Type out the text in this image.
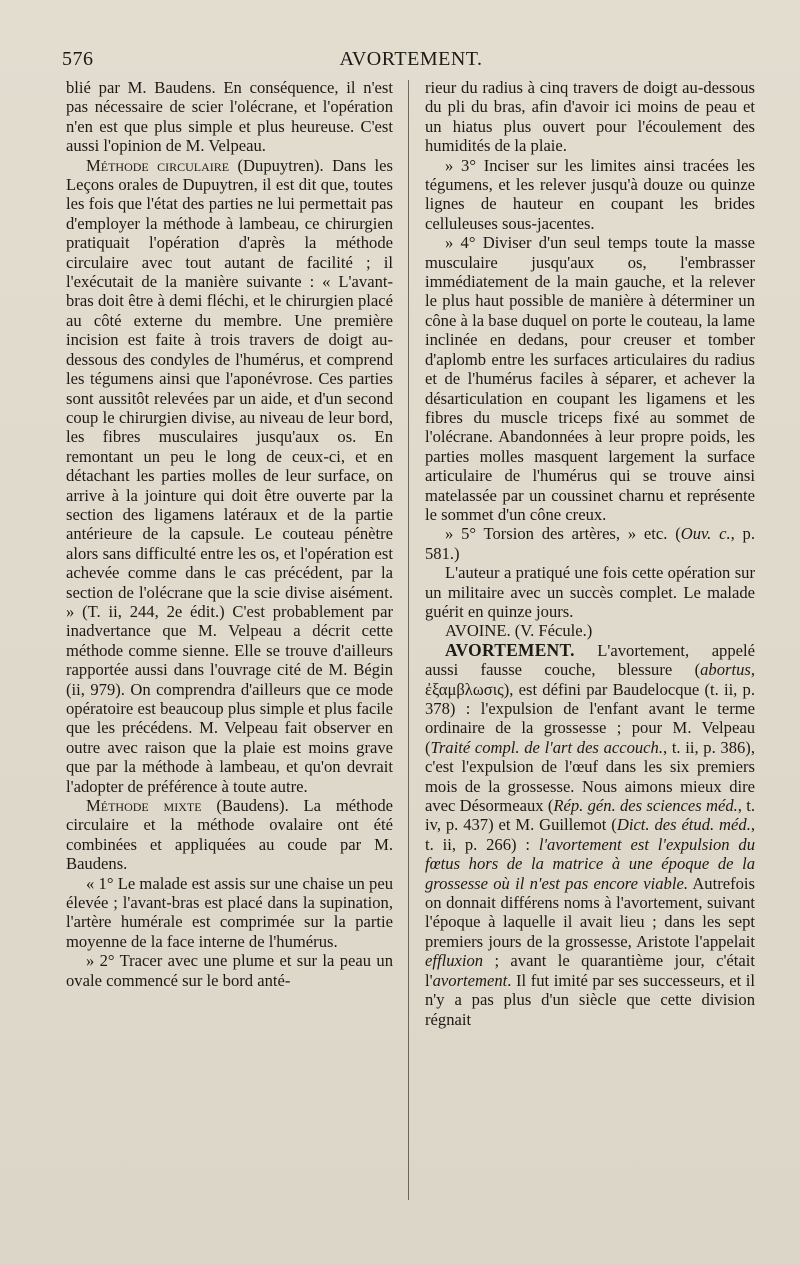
576	AVORTEMENT.

blié par M. Baudens. En conséquence, il n'est pas nécessaire de scier l'olécrane, et l'opération n'en est que plus simple et plus heureuse. C'est aussi l'opinion de M. Velpeau.

Méthode circulaire (Dupuytren). Dans les Leçons orales de Dupuytren, il est dit que, toutes les fois que l'état des parties ne lui permettait pas d'employer la méthode à lambeau, ce chirurgien pratiquait l'opération d'après la méthode circulaire avec tout autant de facilité ; il l'exécutait de la manière suivante : « L'avant-bras doit être à demi fléchi, et le chirurgien placé au côté externe du membre. Une première incision est faite à trois travers de doigt au-dessous des condyles de l'humérus, et comprend les tégumens ainsi que l'aponévrose. Ces parties sont aussitôt relevées par un aide, et d'un second coup le chirurgien divise, au niveau de leur bord, les fibres musculaires jusqu'aux os. En remontant un peu le long de ceux-ci, et en détachant les parties molles de leur surface, on arrive à la jointure qui doit être ouverte par la section des ligamens latéraux et de la partie antérieure de la capsule. Le couteau pénètre alors sans difficulté entre les os, et l'opération est achevée comme dans le cas précédent, par la section de l'olécrane que la scie divise aisément. » (T. ii, 244, 2e édit.) C'est probablement par inadvertance que M. Velpeau a décrit cette méthode comme sienne. Elle se trouve d'ailleurs rapportée aussi dans l'ouvrage cité de M. Bégin (ii, 979). On comprendra d'ailleurs que ce mode opératoire est beaucoup plus simple et plus facile que les précédens. M. Velpeau fait observer en outre avec raison que la plaie est moins grave que par la méthode à lambeau, et qu'on devrait l'adopter de préférence à toute autre.

Méthode mixte (Baudens). La méthode circulaire et la méthode ovalaire ont été combinées et appliquées au coude par M. Baudens.

« 1° Le malade est assis sur une chaise un peu élevée ; l'avant-bras est placé dans la supination, l'artère humérale est comprimée sur la partie moyenne de la face interne de l'humérus.

» 2° Tracer avec une plume et sur la peau un ovale commencé sur le bord anté-

rieur du radius à cinq travers de doigt au-dessous du pli du bras, afin d'avoir ici moins de peau et un hiatus plus ouvert pour l'écoulement des humidités de la plaie.

» 3° Inciser sur les limites ainsi tracées les tégumens, et les relever jusqu'à douze ou quinze lignes de hauteur en coupant les brides celluleuses sous-jacentes.

» 4° Diviser d'un seul temps toute la masse musculaire jusqu'aux os, l'embrasser immédiatement de la main gauche, et la relever le plus haut possible de manière à déterminer un cône à la base duquel on porte le couteau, la lame inclinée en dedans, pour creuser et tomber d'aplomb entre les surfaces articulaires du radius et de l'humérus faciles à séparer, et achever la désarticulation en coupant les ligamens et les fibres du muscle triceps fixé au sommet de l'olécrane. Abandonnées à leur propre poids, les parties molles masquent largement la surface articulaire de l'humérus qui se trouve ainsi matelassée par un coussinet charnu et représente le sommet d'un cône creux.

» 5° Torsion des artères, » etc. (Ouv. c., p. 581.)

L'auteur a pratiqué une fois cette opération sur un militaire avec un succès complet. Le malade guérit en quinze jours.

AVOINE. (V. Fécule.)

AVORTEMENT. L'avortement, appelé aussi fausse couche, blessure (abortus, ἐξαμβλωσις), est défini par Baudelocque (t. ii, p. 378) : l'expulsion de l'enfant avant le terme ordinaire de la grossesse ; pour M. Velpeau (Traité compl. de l'art des accouch., t. ii, p. 386), c'est l'expulsion de l'œuf dans les six premiers mois de la grossesse. Nous aimons mieux dire avec Désormeaux (Rép. gén. des sciences méd., t. iv, p. 437) et M. Guillemot (Dict. des étud. méd., t. ii, p. 266) : l'avortement est l'expulsion du fœtus hors de la matrice à une époque de la grossesse où il n'est pas encore viable. Autrefois on donnait différens noms à l'avortement, suivant l'époque à laquelle il avait lieu ; dans les sept premiers jours de la grossesse, Aristote l'appelait effluxion ; avant le quarantième jour, c'était l'avortement. Il fut imité par ses successeurs, et il n'y a pas plus d'un siècle que cette division régnait
